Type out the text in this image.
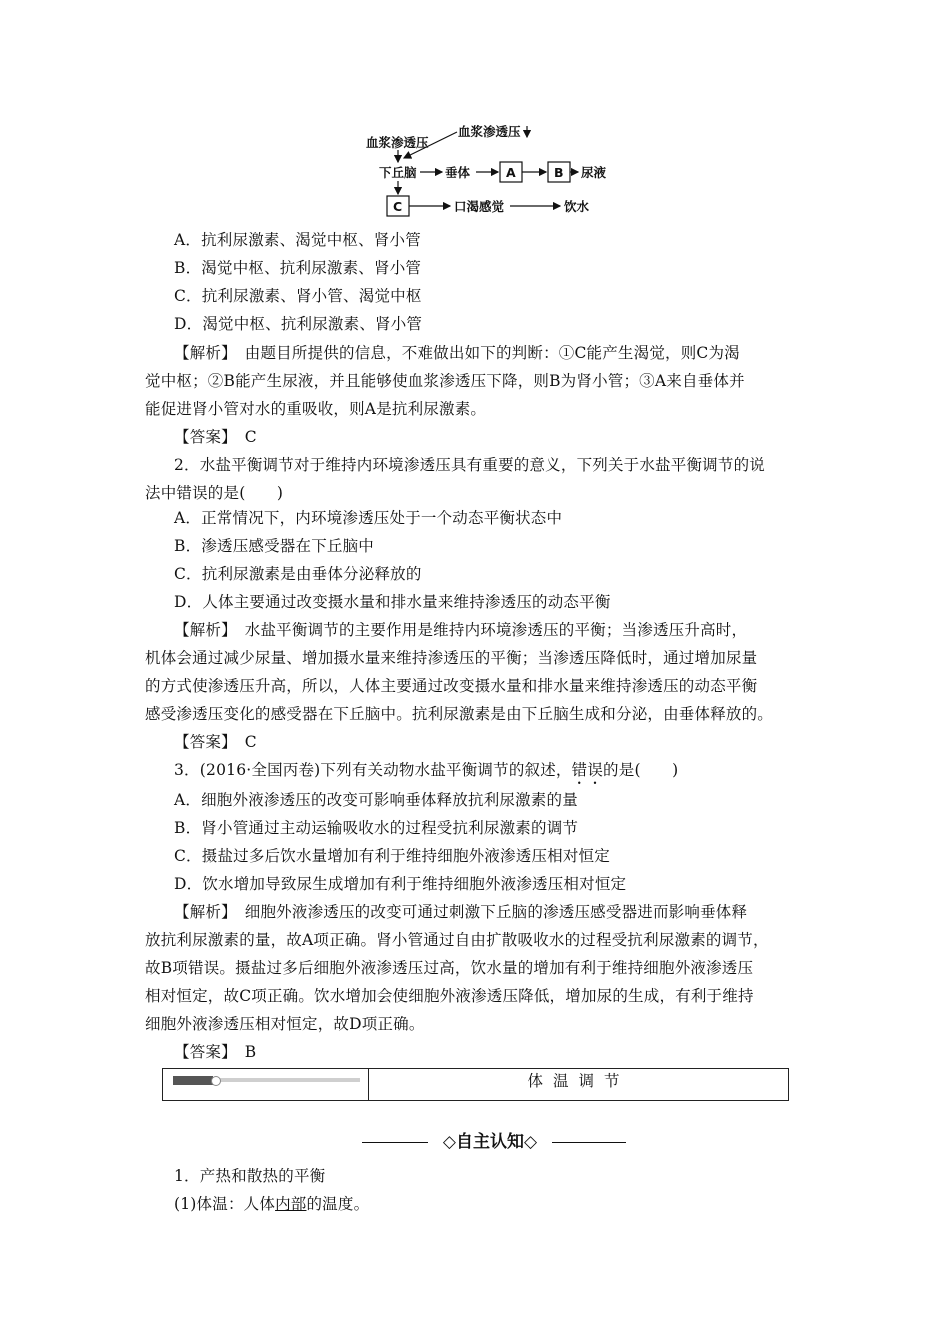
血浆渗透压
血浆渗透压
下丘脑 垂体	A	B 尿液
C	口渴感觉	饮水
A．抗利尿激素、渴觉中枢、肾小管
B．渴觉中枢、抗利尿激素、肾小管
C．抗利尿激素、肾小管、渴觉中枢
D．渴觉中枢、抗利尿激素、肾小管
【解析】　 由题目所提供的信息，不难做出如下的判断：①C能产生渴觉，则C为渴
觉中枢；②B能产生尿液，并且能够使血浆渗透压下降，则B为肾小管；③A来自垂体并
能促进肾小管对水的重吸收，则A是抗利尿激素。
【答案】　 C
2．水盐平衡调节对于维持内环境渗透压具有重要的意义，下列关于水盐平衡调节的说
法中错误的是(　　)
A．正常情况下，内环境渗透压处于一个动态平衡状态中
B．渗透压感受器在下丘脑中
C．抗利尿激素是由垂体分泌释放的
D．人体主要通过改变摄水量和排水量来维持渗透压的动态平衡
【解析】　 水盐平衡调节的主要作用是维持内环境渗透压的平衡；当渗透压升高时，
机体会通过减少尿量、增加摄水量来维持渗透压的平衡；当渗透压降低时，通过增加尿量
的方式使渗透压升高，所以，人体主要通过改变摄水量和排水量来维持渗透压的动态平衡
感受渗透压变化的感受器在下丘脑中。抗利尿激素是由下丘脑生成和分泌，由垂体释放的。
【答案】　 C
3．(2016·全国丙卷)下列有关动物水盐平衡调节的叙述，错误的是(　　)
A．细胞外液渗透压的改变可影响垂体释放抗利尿激素的量
B．肾小管通过主动运输吸收水的过程受抗利尿激素的调节
C．摄盐过多后饮水量增加有利于维持细胞外液渗透压相对恒定
D．饮水增加导致尿生成增加有利于维持细胞外液渗透压相对恒定
【解析】　 细胞外液渗透压的改变可通过刺激下丘脑的渗透压感受器进而影响垂体释
放抗利尿激素的量，故A项正确。肾小管通过自由扩散吸收水的过程受抗利尿激素的调节，
故B项错误。摄盐过多后细胞外液渗透压过高，饮水量的增加有利于维持细胞外液渗透压
相对恒定，故C项正确。饮水增加会使细胞外液渗透压降低，增加尿的生成，有利于维持
细胞外液渗透压相对恒定，故D项正确。
【答案】　 B
体温调节
◇自主认知◇
1．产热和散热的平衡
(1)体温：人体内部的温度。
